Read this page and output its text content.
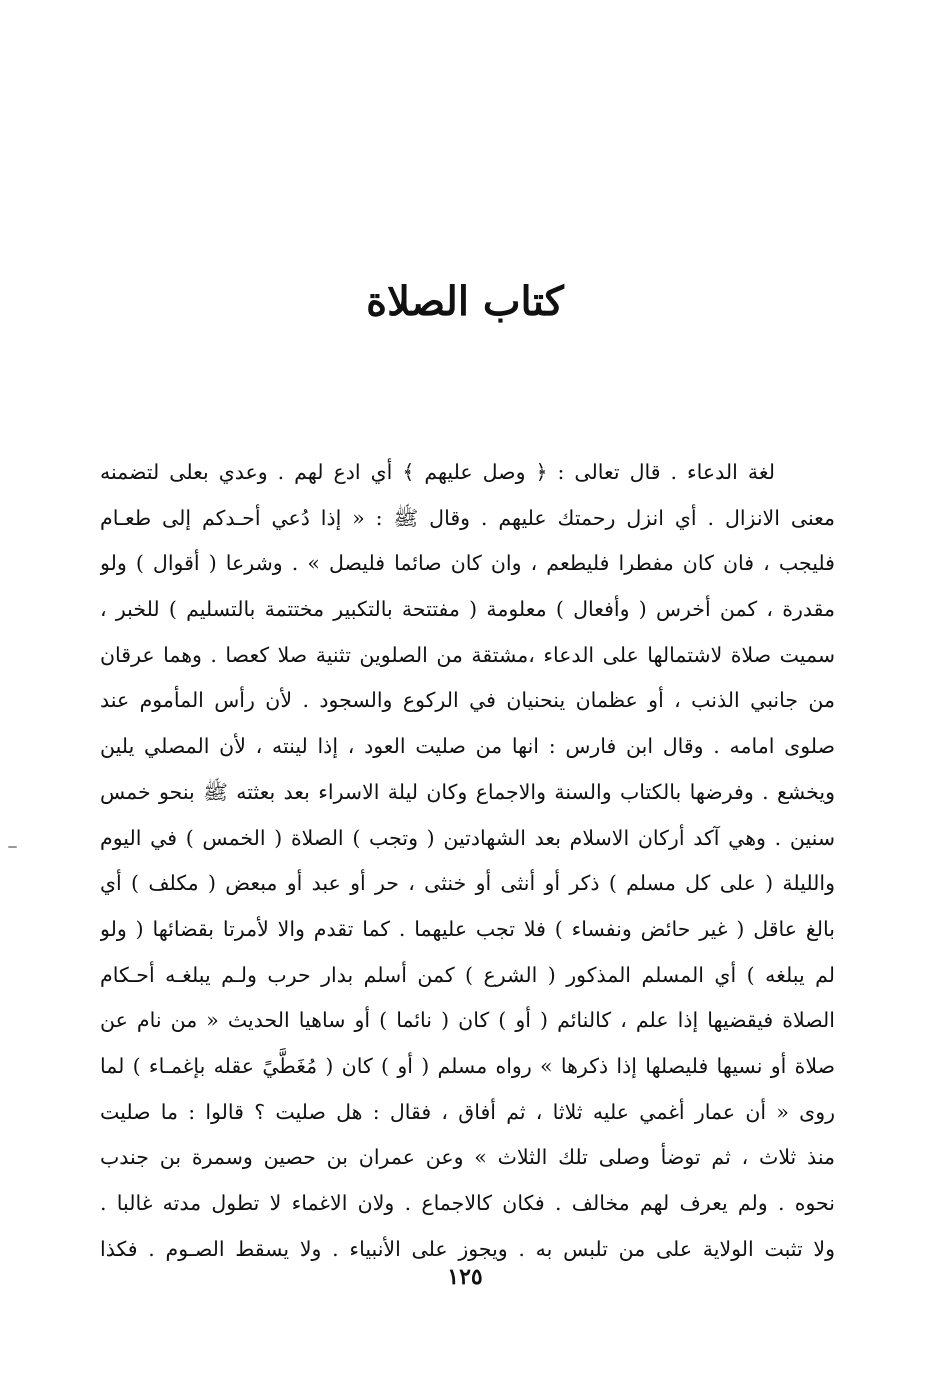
كتاب الصلاة
لغة الدعاء . قال تعالى : ﴿ وصل عليهم ﴾ أي ادع لهم . وعدي بعلى لتضمنه
معنى الانزال . أي انزل رحمتك عليهم . وقال ﷺ : « إذا دُعي أحـدكم إلى طعـام
فليجب ، فان كان مفطرا فليطعم ، وان كان صائما فليصل » . وشرعا ( أقوال ) ولو
مقدرة ، كمن أخرس ( وأفعال ) معلومة ( مفتتحة بالتكبير مختتمة بالتسليم ) للخبر ،
سميت صلاة لاشتمالها على الدعاء ،مشتقة من الصلوين تثنية صلا كعصا . وهما عرقان
من جانبي الذنب ، أو عظمان ينحنيان في الركوع والسجود . لأن رأس المأموم عند
صلوى امامه . وقال ابن فارس : انها من صليت العود ، إذا لينته ، لأن المصلي يلين
ويخشع . وفرضها بالكتاب والسنة والاجماع وكان ليلة الاسراء بعد بعثته ﷺ بنحو خمس
سنين . وهي آكد أركان الاسلام بعد الشهادتين ( وتجب ) الصلاة ( الخمس ) في اليوم
والليلة ( على كل مسلم ) ذكر أو أنثى أو خنثى ، حر أو عبد أو مبعض ( مكلف ) أي
بالغ عاقل ( غير حائض ونفساء ) فلا تجب عليهما . كما تقدم والا لأمرتا بقضائها ( ولو
لم يبلغه ) أي المسلم المذكور ( الشرع ) كمن أسلم بدار حرب ولـم يبلغـه أحـكام
الصلاة فيقضيها إذا علم ، كالنائم ( أو ) كان ( نائما ) أو ساهيا الحديث « من نام عن
صلاة أو نسيها فليصلها إذا ذكرها » رواه مسلم ( أو ) كان ( مُغَطَّيً عقله بإغمـاء ) لما
روى « أن عمار أغمي عليه ثلاثا ، ثم أفاق ، فقال : هل صليت ؟ قالوا : ما صليت
منذ ثلاث ، ثم توضأ وصلى تلك الثلاث » وعن عمران بن حصين وسمرة بن جندب
نحوه . ولم يعرف لهم مخالف . فكان كالاجماع . ولان الاغماء لا تطول مدته غالبا .
ولا تثبت الولاية على من تلبس به . ويجوز على الأنبياء . ولا يسقط الصـوم . فكذا
١٢٥
